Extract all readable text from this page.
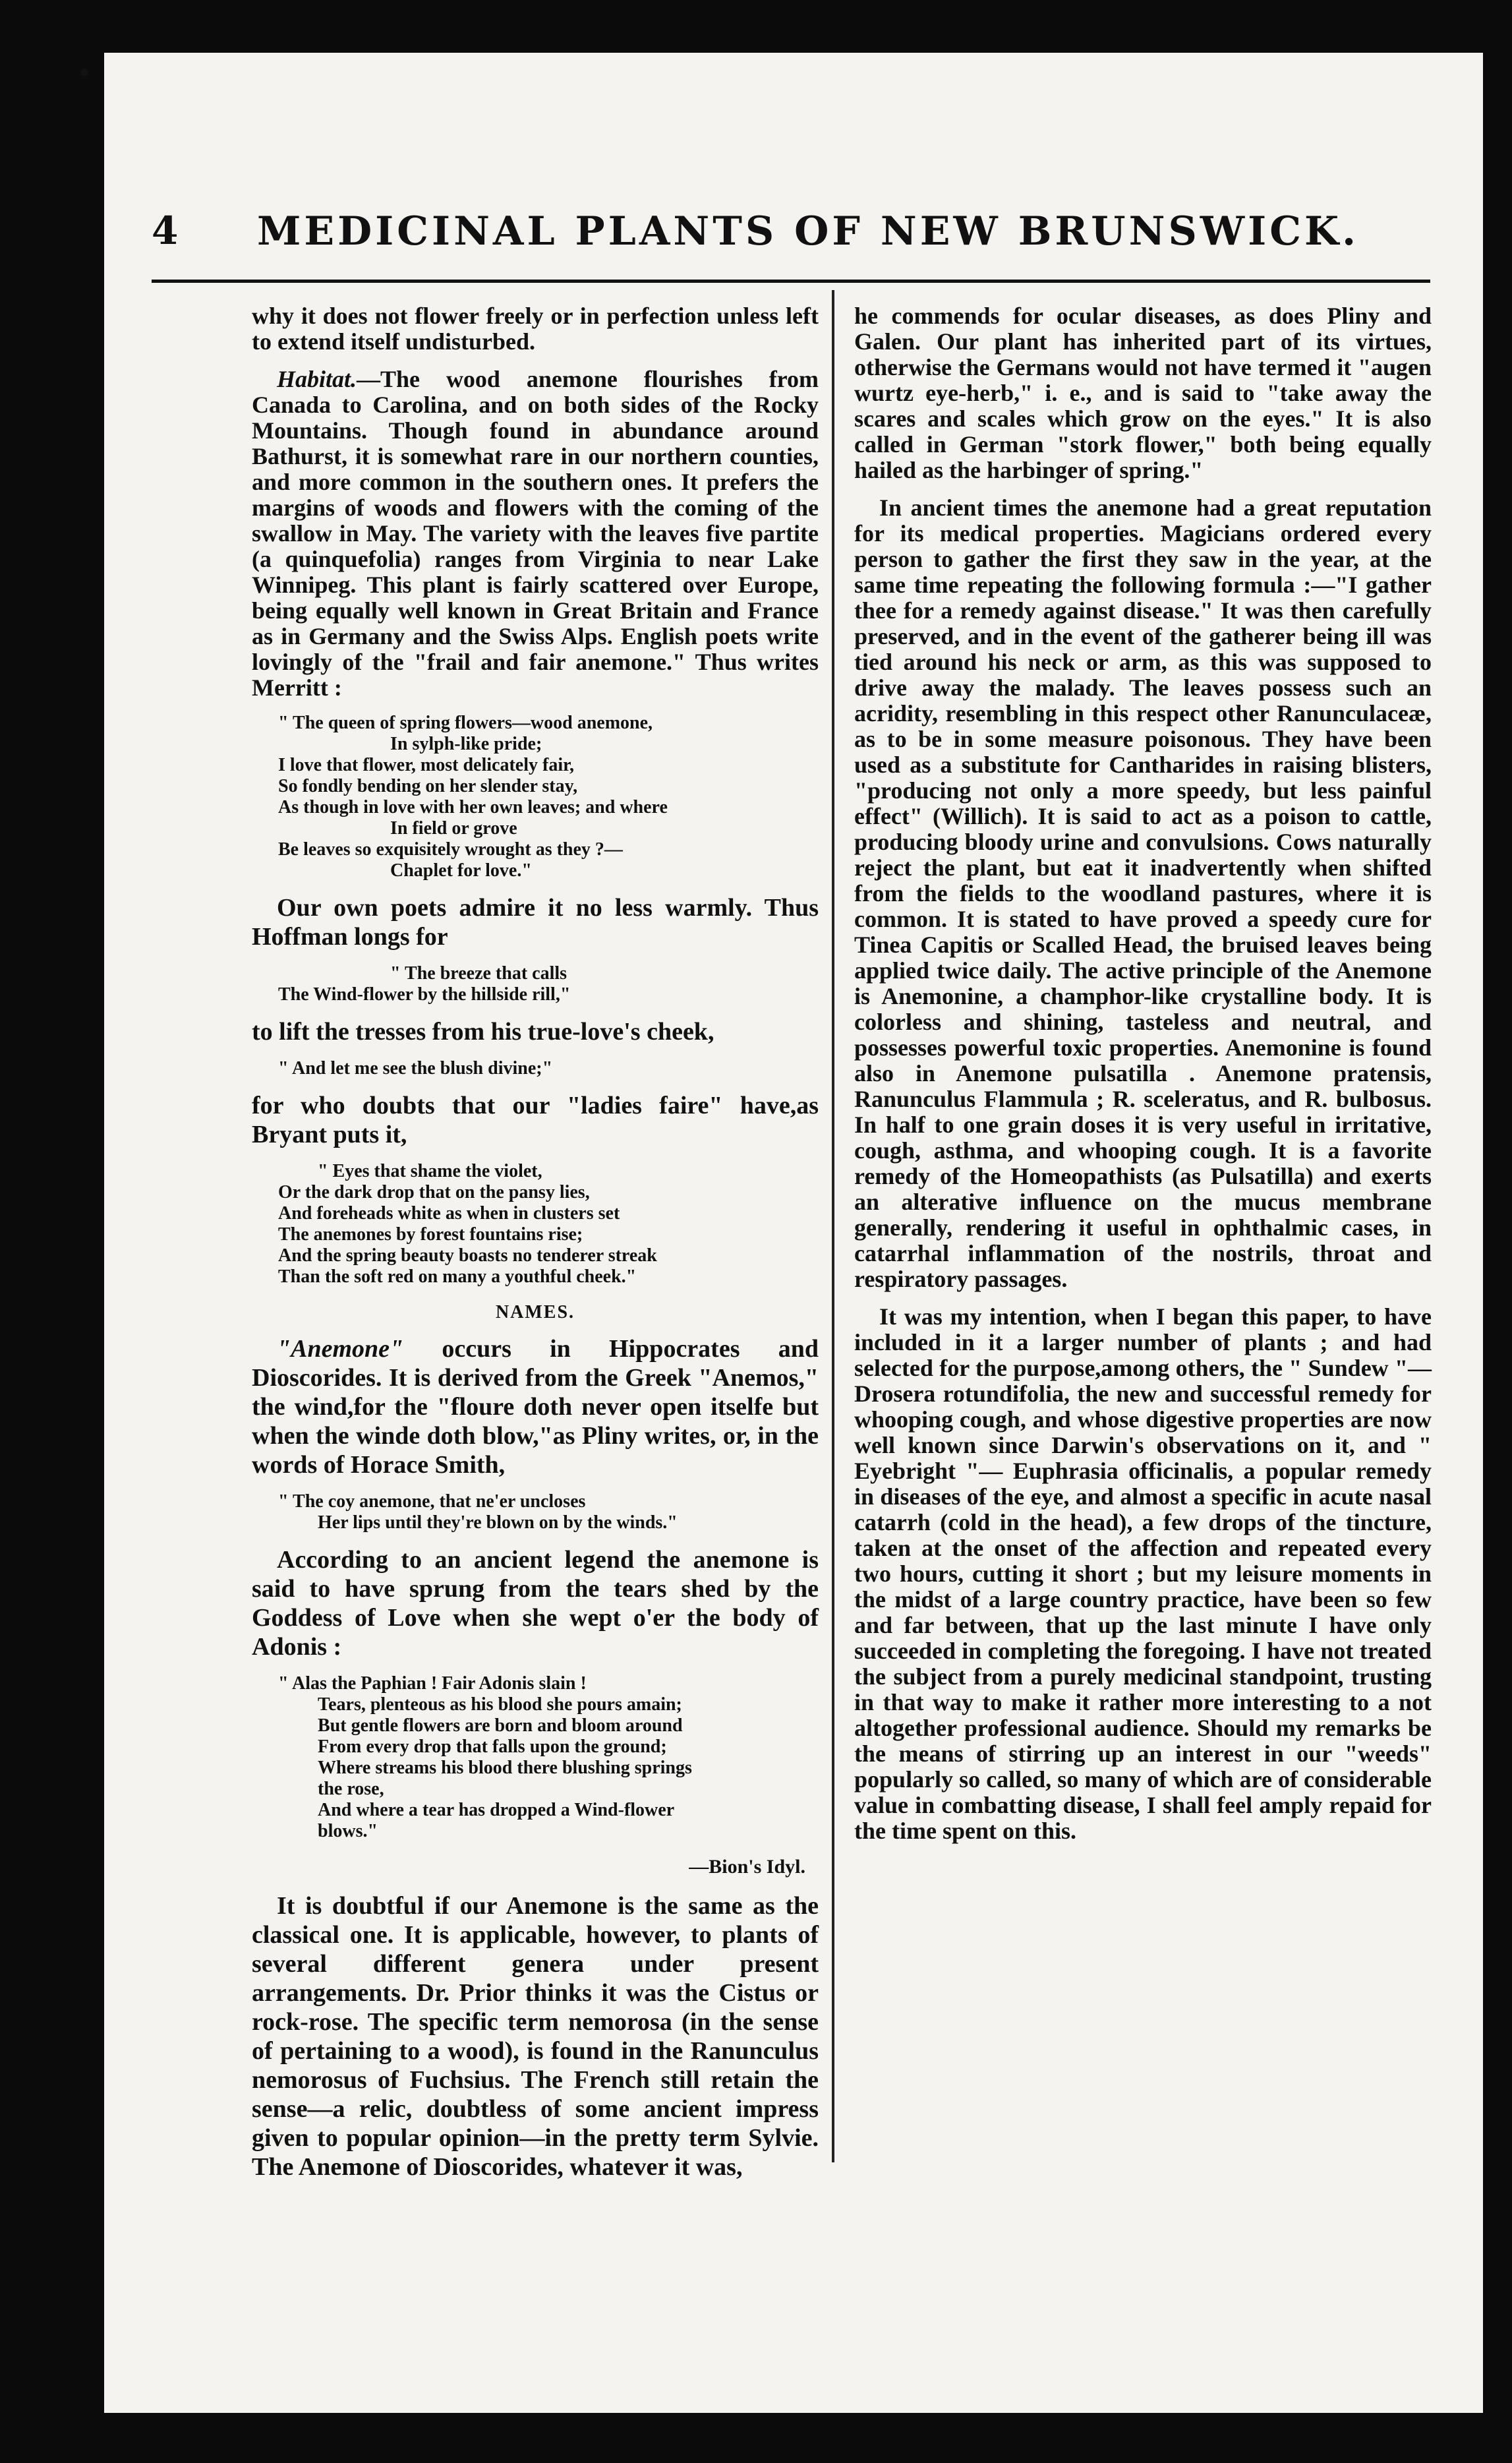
4 MEDICINAL PLANTS OF NEW BRUNSWICK.

why it does not flower freely or in perfection unless left to extend itself undisturbed.

Habitat.—The wood anemone flourishes from Canada to Carolina, and on both sides of the Rocky Mountains. Though found in abundance around Bathurst, it is somewhat rare in our northern counties, and more common in the southern ones. It prefers the margins of woods and flowers with the coming of the swallow in May. The variety with the leaves five partite (a quinquefolia) ranges from Virginia to near Lake Winnipeg. This plant is fairly scattered over Europe, being equally well known in Great Britain and France as in Germany and the Swiss Alps. English poets write lovingly of the "frail and fair anemone." Thus writes Merritt :

" The queen of spring flowers—wood anemone,
In sylph-like pride;
I love that flower, most delicately fair,
So fondly bending on her slender stay,
As though in love with her own leaves; and where
In field or grove
Be leaves so exquisitely wrought as they ?—
Chaplet for love."

Our own poets admire it no less warmly. Thus Hoffman longs for

" The breeze that calls
The Wind-flower by the hillside rill,"

to lift the tresses from his true-love's cheek,

" And let me see the blush divine;"

for who doubts that our "ladies faire" have,as Bryant puts it,

" Eyes that shame the violet,
Or the dark drop that on the pansy lies,
And foreheads white as when in clusters set
The anemones by forest fountains rise;
And the spring beauty boasts no tenderer streak
Than the soft red on many a youthful cheek."
NAMES.

"Anemone" occurs in Hippocrates and Dioscorides. It is derived from the Greek "Anemos," the wind,for the "floure doth never open itselfe but when the winde doth blow,"as Pliny writes, or, in the words of Horace Smith,

" The coy anemone, that ne'er uncloses
Her lips until they're blown on by the winds."

According to an ancient legend the anemone is said to have sprung from the tears shed by the Goddess of Love when she wept o'er the body of Adonis :

" Alas the Paphian ! Fair Adonis slain !
Tears, plenteous as his blood she pours amain;
But gentle flowers are born and bloom around
From every drop that falls upon the ground;
Where streams his blood there blushing springs
the rose,
And where a tear has dropped a Wind-flower
blows."
—Bion's Idyl.

It is doubtful if our Anemone is the same as the classical one. It is applicable, however, to plants of several different genera under present arrangements. Dr. Prior thinks it was the Cistus or rock-rose. The specific term nemorosa (in the sense of pertaining to a wood), is found in the Ranunculus nemorosus of Fuchsius. The French still retain the sense—a relic, doubtless of some ancient impress given to popular opinion—in the pretty term Sylvie. The Anemone of Dioscorides, whatever it was,

he commends for ocular diseases, as does Pliny and Galen. Our plant has inherited part of its virtues, otherwise the Germans would not have termed it "augen wurtz eye-herb," i. e., and is said to "take away the scares and scales which grow on the eyes." It is also called in German "stork flower," both being equally hailed as the harbinger of spring."

In ancient times the anemone had a great reputation for its medical properties. Magicians ordered every person to gather the first they saw in the year, at the same time repeating the following formula :—"I gather thee for a remedy against disease." It was then carefully preserved, and in the event of the gatherer being ill was tied around his neck or arm, as this was supposed to drive away the malady. The leaves possess such an acridity, resembling in this respect other Ranunculaceæ, as to be in some measure poisonous. They have been used as a substitute for Cantharides in raising blisters, "producing not only a more speedy, but less painful effect" (Willich). It is said to act as a poison to cattle, producing bloody urine and convulsions. Cows naturally reject the plant, but eat it inadvertently when shifted from the fields to the woodland pastures, where it is common. It is stated to have proved a speedy cure for Tinea Capitis or Scalled Head, the bruised leaves being applied twice daily. The active principle of the Anemone is Anemonine, a champhor-like crystalline body. It is colorless and shining, tasteless and neutral, and possesses powerful toxic properties. Anemonine is found also in Anemone pulsatilla . Anemone pratensis, Ranunculus Flammula ; R. sceleratus, and R. bulbosus. In half to one grain doses it is very useful in irritative, cough, asthma, and whooping cough. It is a favorite remedy of the Homeopathists (as Pulsatilla) and exerts an alterative influence on the mucus membrane generally, rendering it useful in ophthalmic cases, in catarrhal inflammation of the nostrils, throat and respiratory passages.

It was my intention, when I began this paper, to have included in it a larger number of plants ; and had selected for the purpose,among others, the " Sundew "—Drosera rotundifolia, the new and successful remedy for whooping cough, and whose digestive properties are now well known since Darwin's observations on it, and " Eyebright "— Euphrasia officinalis, a popular remedy in diseases of the eye, and almost a specific in acute nasal catarrh (cold in the head), a few drops of the tincture, taken at the onset of the affection and repeated every two hours, cutting it short ; but my leisure moments in the midst of a large country practice, have been so few and far between, that up the last minute I have only succeeded in completing the foregoing. I have not treated the subject from a purely medicinal standpoint, trusting in that way to make it rather more interesting to a not altogether professional audience. Should my remarks be the means of stirring up an interest in our "weeds" popularly so called, so many of which are of considerable value in combatting disease, I shall feel amply repaid for the time spent on this.
